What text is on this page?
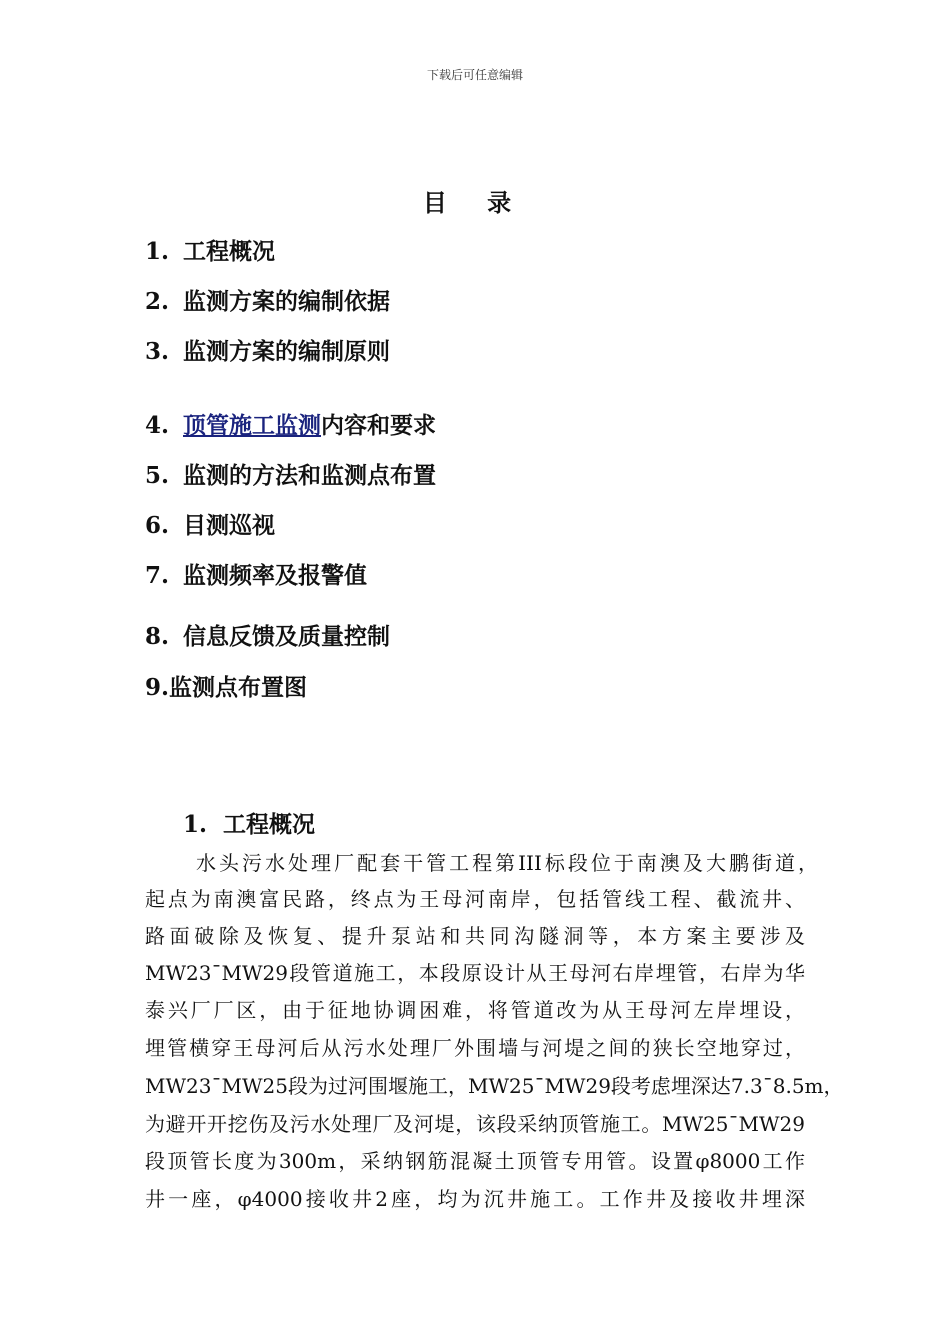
下载后可任意编辑
目 录
1. 工程概况
2. 监测方案的编制依据
3. 监测方案的编制原则
4. 顶管施工监测内容和要求
5. 监测的方法和监测点布置
6. 目测巡视
7. 监测频率及报警值
8. 信息反馈及质量控制
9.监测点布置图
1. 工程概况
水头污水处理厂配套干管工程第III标段位于南澳及大鹏街道，
起点为南澳富民路，终点为王母河南岸，包括管线工程、截流井、
路面破除及恢复、提升泵站和共同沟隧洞等，本方案主要涉及
MW23¯MW29段管道施工，本段原设计从王母河右岸埋管，右岸为华
泰兴厂厂区，由于征地协调困难，将管道改为从王母河左岸埋设，
埋管横穿王母河后从污水处理厂外围墙与河堤之间的狭长空地穿过，
MW23¯MW25段为过河围堰施工，MW25¯MW29段考虑埋深达7.3¯8.5m，
为避开开挖伤及污水处理厂及河堤，该段采纳顶管施工。MW25¯MW29
段顶管长度为300m，采纳钢筋混凝土顶管专用管。设置φ8000工作
井一座，φ4000接收井2座，均为沉井施工。工作井及接收井埋深
